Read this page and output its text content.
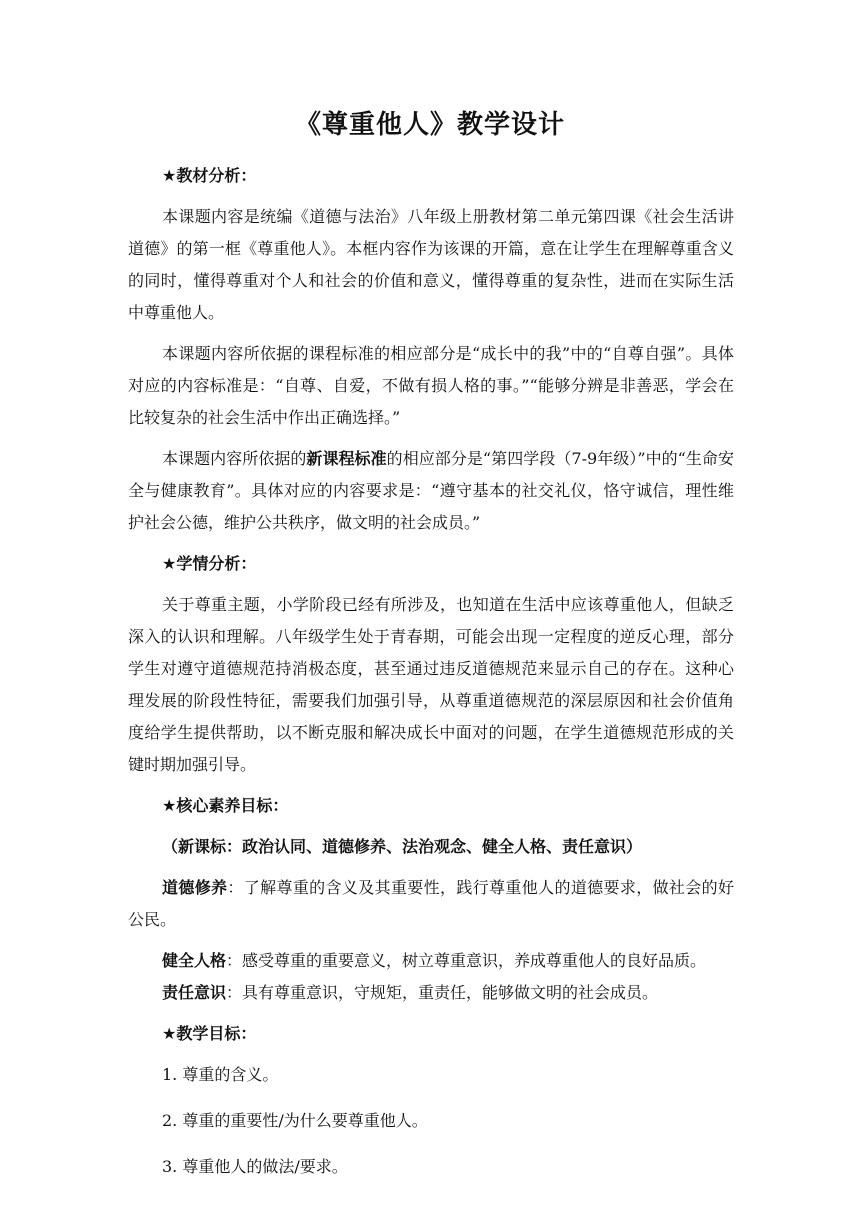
《尊重他人》教学设计
★教材分析：
本课题内容是统编《道德与法治》八年级上册教材第二单元第四课《社会生活讲道德》的第一框《尊重他人》。本框内容作为该课的开篇，意在让学生在理解尊重含义的同时，懂得尊重对个人和社会的价值和意义，懂得尊重的复杂性，进而在实际生活中尊重他人。
本课题内容所依据的课程标准的相应部分是“成长中的我”中的“自尊自强”。具体对应的内容标准是：“自尊、自爱，不做有损人格的事。”“能够分辨是非善恶，学会在比较复杂的社会生活中作出正确选择。”
本课题内容所依据的新课程标准的相应部分是“第四学段（7-9年级）”中的“生命安全与健康教育”。具体对应的内容要求是：“遵守基本的社交礼仪，恪守诚信，理性维护社会公德，维护公共秩序，做文明的社会成员。”
★学情分析：
关于尊重主题，小学阶段已经有所涉及，也知道在生活中应该尊重他人，但缺乏深入的认识和理解。八年级学生处于青春期，可能会出现一定程度的逆反心理，部分学生对遵守道德规范持消极态度，甚至通过违反道德规范来显示自己的存在。这种心理发展的阶段性特征，需要我们加强引导，从尊重道德规范的深层原因和社会价值角度给学生提供帮助，以不断克服和解决成长中面对的问题，在学生道德规范形成的关键时期加强引导。
★核心素养目标：
（新课标：政治认同、道德修养、法治观念、健全人格、责任意识）
道德修养：了解尊重的含义及其重要性，践行尊重他人的道德要求，做社会的好公民。
健全人格：感受尊重的重要意义，树立尊重意识，养成尊重他人的良好品质。
责任意识：具有尊重意识，守规矩，重责任，能够做文明的社会成员。
★教学目标：
1. 尊重的含义。
2. 尊重的重要性/为什么要尊重他人。
3. 尊重他人的做法/要求。
